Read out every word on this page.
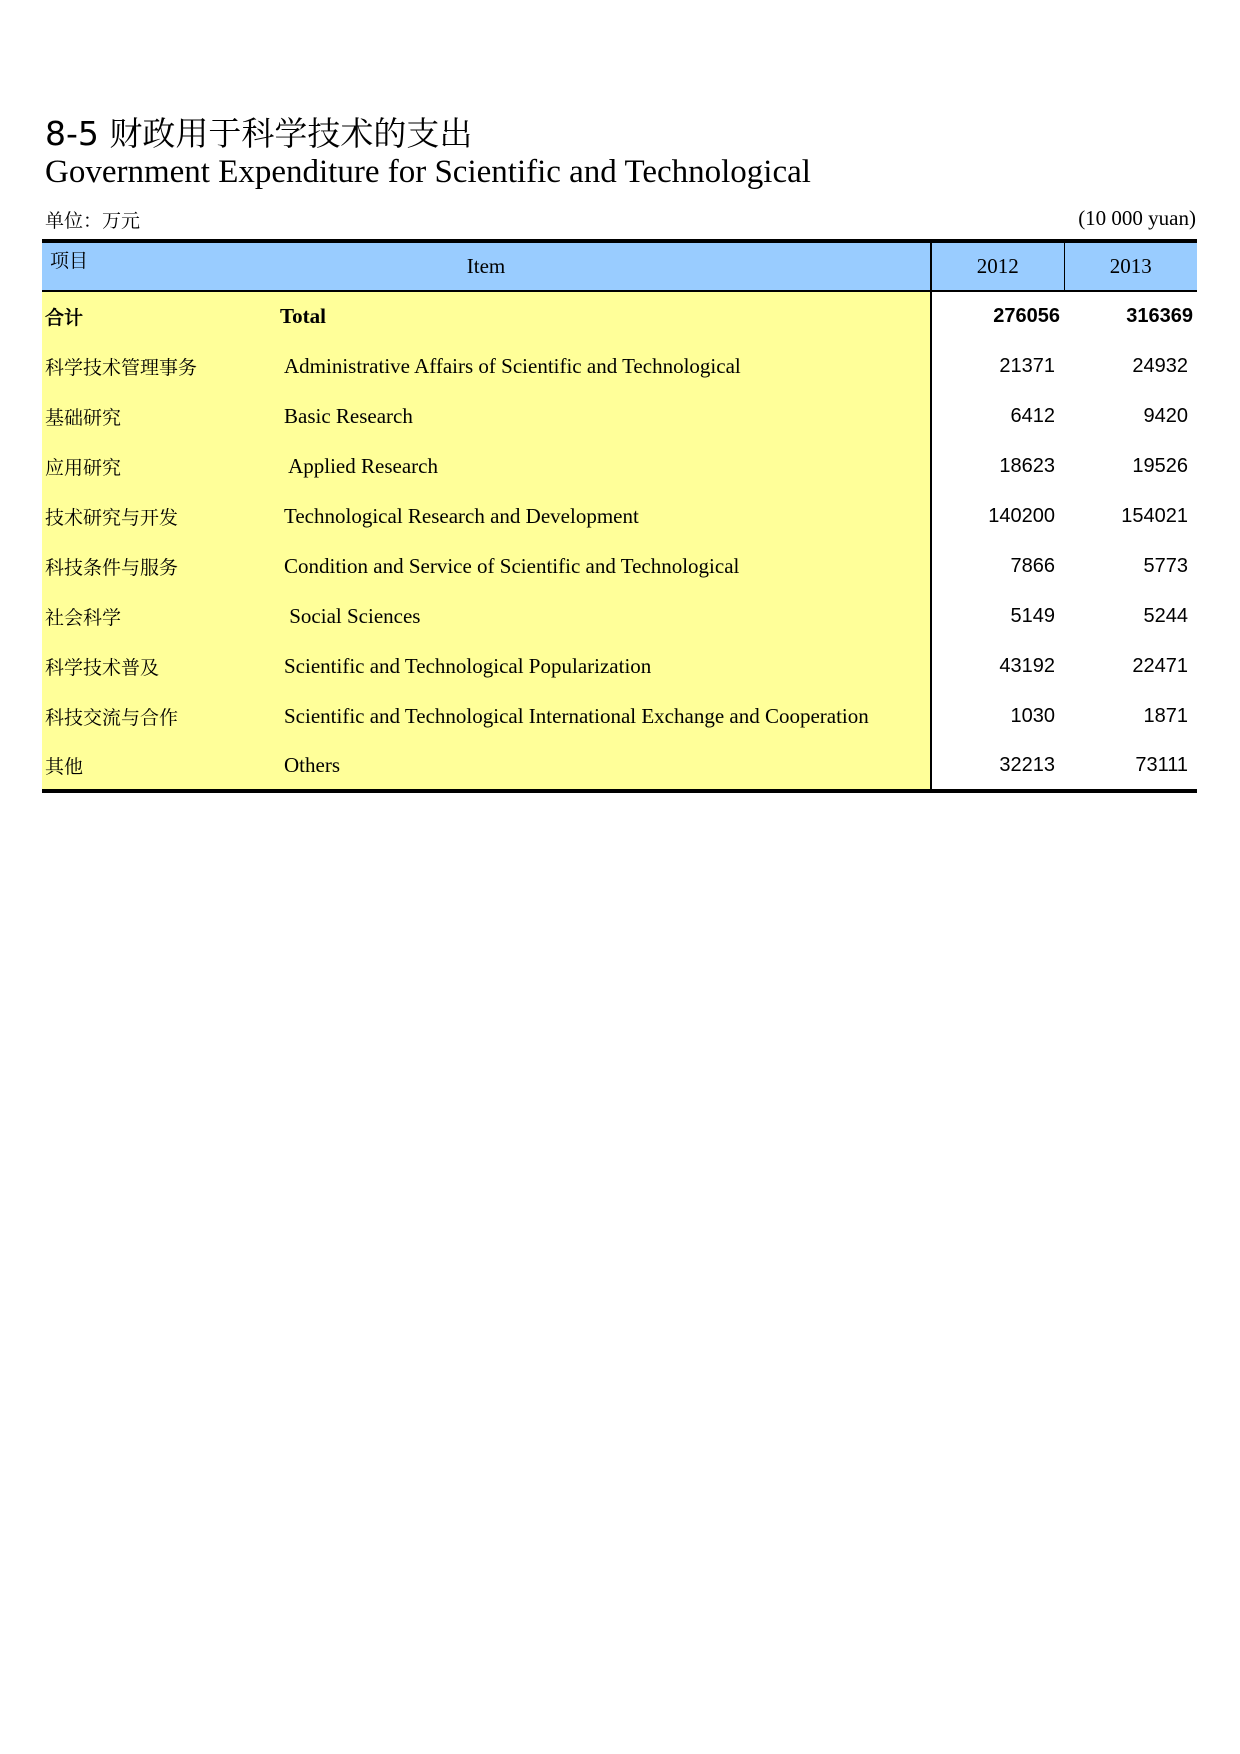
8-5 财政用于科学技术的支出
Government Expenditure for Scientific and Technological
单位：万元	(10 000 yuan)
项目 Item		2012	2013
合计	Total	276056	316369
科学技术管理事务	Administrative Affairs of Scientific and Technological	21371	24932
基础研究	Basic Research	6412	9420
应用研究	Applied Research	18623	19526
技术研究与开发	Technological Research and Development	140200	154021
科技条件与服务	Condition and Service of Scientific and Technological	7866	5773
社会科学	Social Sciences	5149	5244
科学技术普及	Scientific and Technological Popularization	43192	22471
科技交流与合作	Scientific and Technological International Exchange and Cooperation	1030	1871
其他	Others	32213	73111
